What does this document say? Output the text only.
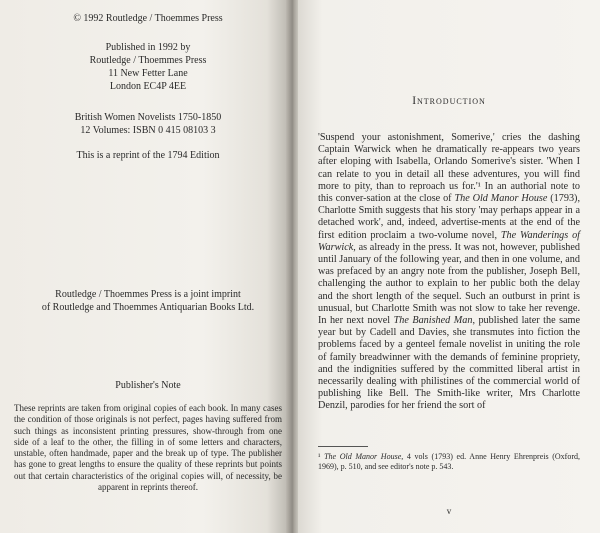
© 1992 Routledge / Thoemmes Press
Published in 1992 by
Routledge / Thoemmes Press
11 New Fetter Lane
London EC4P 4EE
British Women Novelists 1750-1850
12 Volumes: ISBN 0 415 08103 3
This is a reprint of the 1794 Edition
Routledge / Thoemmes Press is a joint imprint
of Routledge and Thoemmes Antiquarian Books Ltd.
Publisher's Note
These reprints are taken from original copies of each book. In many cases the condition of those originals is not perfect, pages having suffered from such things as inconsistent printing pressures, show-through from one side of a leaf to the other, the filling in of some letters and characters, unstable, often handmade, paper and the break up of type. The publisher has gone to great lengths to ensure the quality of these reprints but points out that certain characteristics of the original copies will, of necessity, be apparent in reprints thereof.
Introduction
'Suspend your astonishment, Somerive,' cries the dashing Captain Warwick when he dramatically re-appears two years after eloping with Isabella, Orlando Somerive's sister. 'When I can relate to you in detail all these adventures, you will find more to pity, than to reproach us for.'¹ In an authorial note to this conver-sation at the close of The Old Manor House (1793), Charlotte Smith suggests that his story 'may perhaps appear in a detached work', and, indeed, advertise-ments at the end of the first edition proclaim a two-volume novel, The Wanderings of Warwick, as already in the press. It was not, however, published until January of the following year, and then in one volume, and was prefaced by an angry note from the publisher, Joseph Bell, challenging the author to explain to her public both the delay and the short length of the sequel. Such an outburst in print is unusual, but Charlotte Smith was not slow to take her revenge. In her next novel The Banished Man, published later the same year but by Cadell and Davies, she transmutes into fiction the problems faced by a genteel female novelist in uniting the role of family breadwinner with the demands of feminine propriety, and the indignities suffered by the committed liberal artist in necessarily dealing with philistines of the commercial world of publishing like Bell. The Smith-like writer, Mrs Charlotte Denzil, parodies for her friend the sort of
¹ The Old Manor House, 4 vols (1793) ed. Anne Henry Ehrenpreis (Oxford, 1969), p. 510, and see editor's note p. 543.
v
